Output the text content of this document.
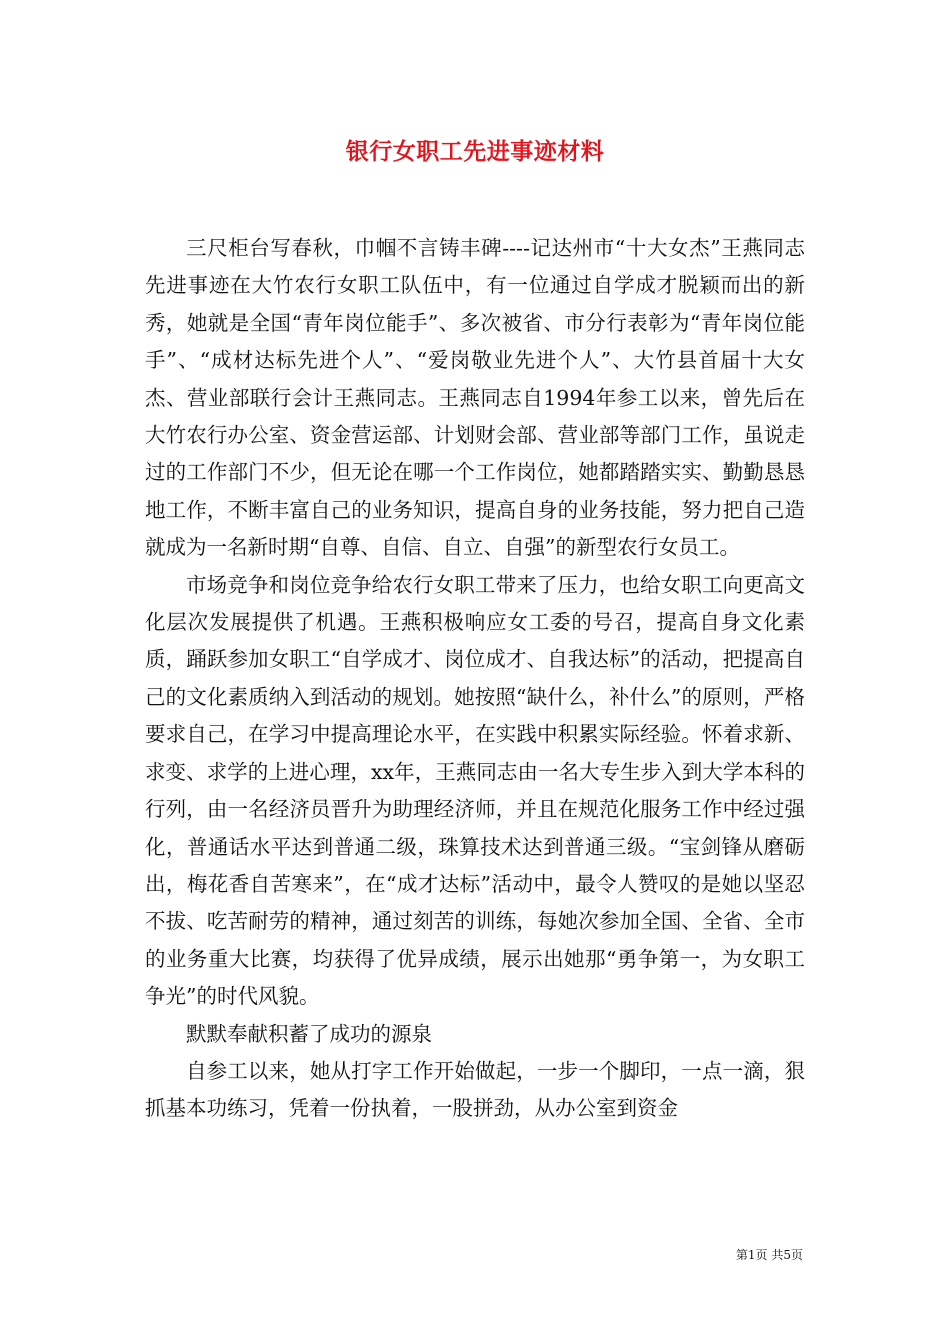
银行女职工先进事迹材料

三尺柜台写春秋，巾帼不言铸丰碑----记达州市“十大女杰”王燕同志先进事迹在大竹农行女职工队伍中，有一位通过自学成才脱颖而出的新秀，她就是全国“青年岗位能手”、多次被省、市分行表彰为“青年岗位能手”、“成材达标先进个人”、“爱岗敬业先进个人”、大竹县首届十大女杰、营业部联行会计王燕同志。王燕同志自1994年参工以来，曾先后在大竹农行办公室、资金营运部、计划财会部、营业部等部门工作，虽说走过的工作部门不少，但无论在哪一个工作岗位，她都踏踏实实、勤勤恳恳地工作，不断丰富自己的业务知识，提高自身的业务技能，努力把自己造就成为一名新时期“自尊、自信、自立、自强”的新型农行女员工。

市场竞争和岗位竞争给农行女职工带来了压力，也给女职工向更高文化层次发展提供了机遇。王燕积极响应女工委的号召，提高自身文化素质，踊跃参加女职工“自学成才、岗位成才、自我达标”的活动，把提高自己的文化素质纳入到活动的规划。她按照“缺什么，补什么”的原则，严格要求自己，在学习中提高理论水平，在实践中积累实际经验。怀着求新、求变、求学的上进心理，xx年，王燕同志由一名大专生步入到大学本科的行列，由一名经济员晋升为助理经济师，并且在规范化服务工作中经过强化，普通话水平达到普通二级，珠算技术达到普通三级。“宝剑锋从磨砺出，梅花香自苦寒来”，在“成才达标”活动中，最令人赞叹的是她以坚忍不拔、吃苦耐劳的精神，通过刻苦的训练，每她次参加全国、全省、全市的业务重大比赛，均获得了优异成绩，展示出她那“勇争第一，为女职工争光”的时代风貌。

默默奉献积蓄了成功的源泉

自参工以来，她从打字工作开始做起，一步一个脚印，一点一滴，狠抓基本功练习，凭着一份执着，一股拼劲，从办公室到资金

第1页 共5页
